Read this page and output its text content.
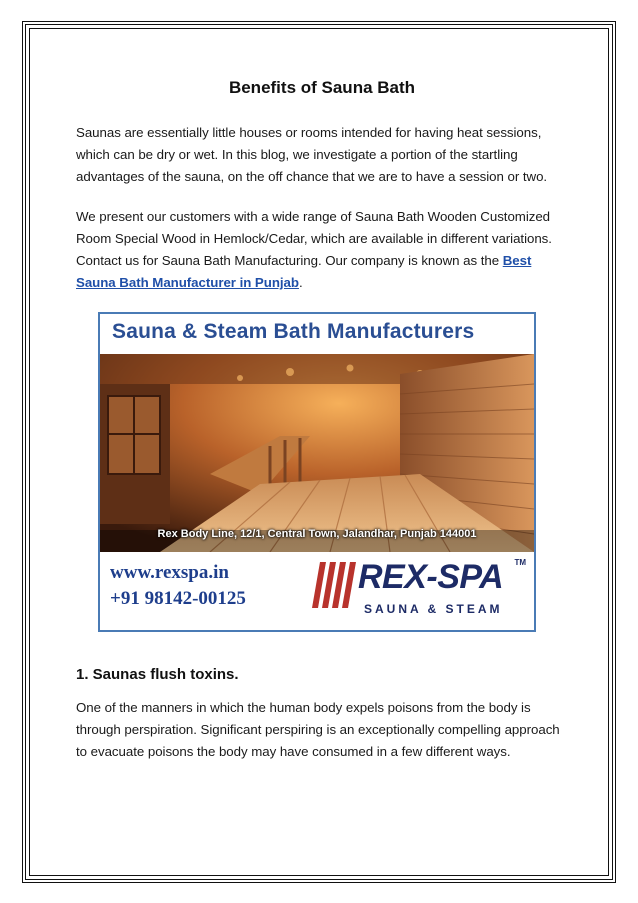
Benefits of Sauna Bath

Saunas are essentially little houses or rooms intended for having heat sessions, which can be dry or wet. In this blog, we investigate a portion of the startling advantages of the sauna, on the off chance that we are to have a session or two.

We present our customers with a wide range of Sauna Bath Wooden Customized Room Special Wood in Hemlock/Cedar, which are available in different variations. Contact us for Sauna Bath Manufacturing. Our company is known as the Best Sauna Bath Manufacturer in Punjab.

Sauna & Steam Bath Manufacturers
Rex Body Line, 12/1, Central Town, Jalandhar, Punjab 144001
www.rexspa.in
+91 98142-00125
REX-SPA
SAUNA & STEAM
TM
1. Saunas flush toxins.

One of the manners in which the human body expels poisons from the body is through perspiration. Significant perspiring is an exceptionally compelling approach to evacuate poisons the body may have consumed in a few different ways.
